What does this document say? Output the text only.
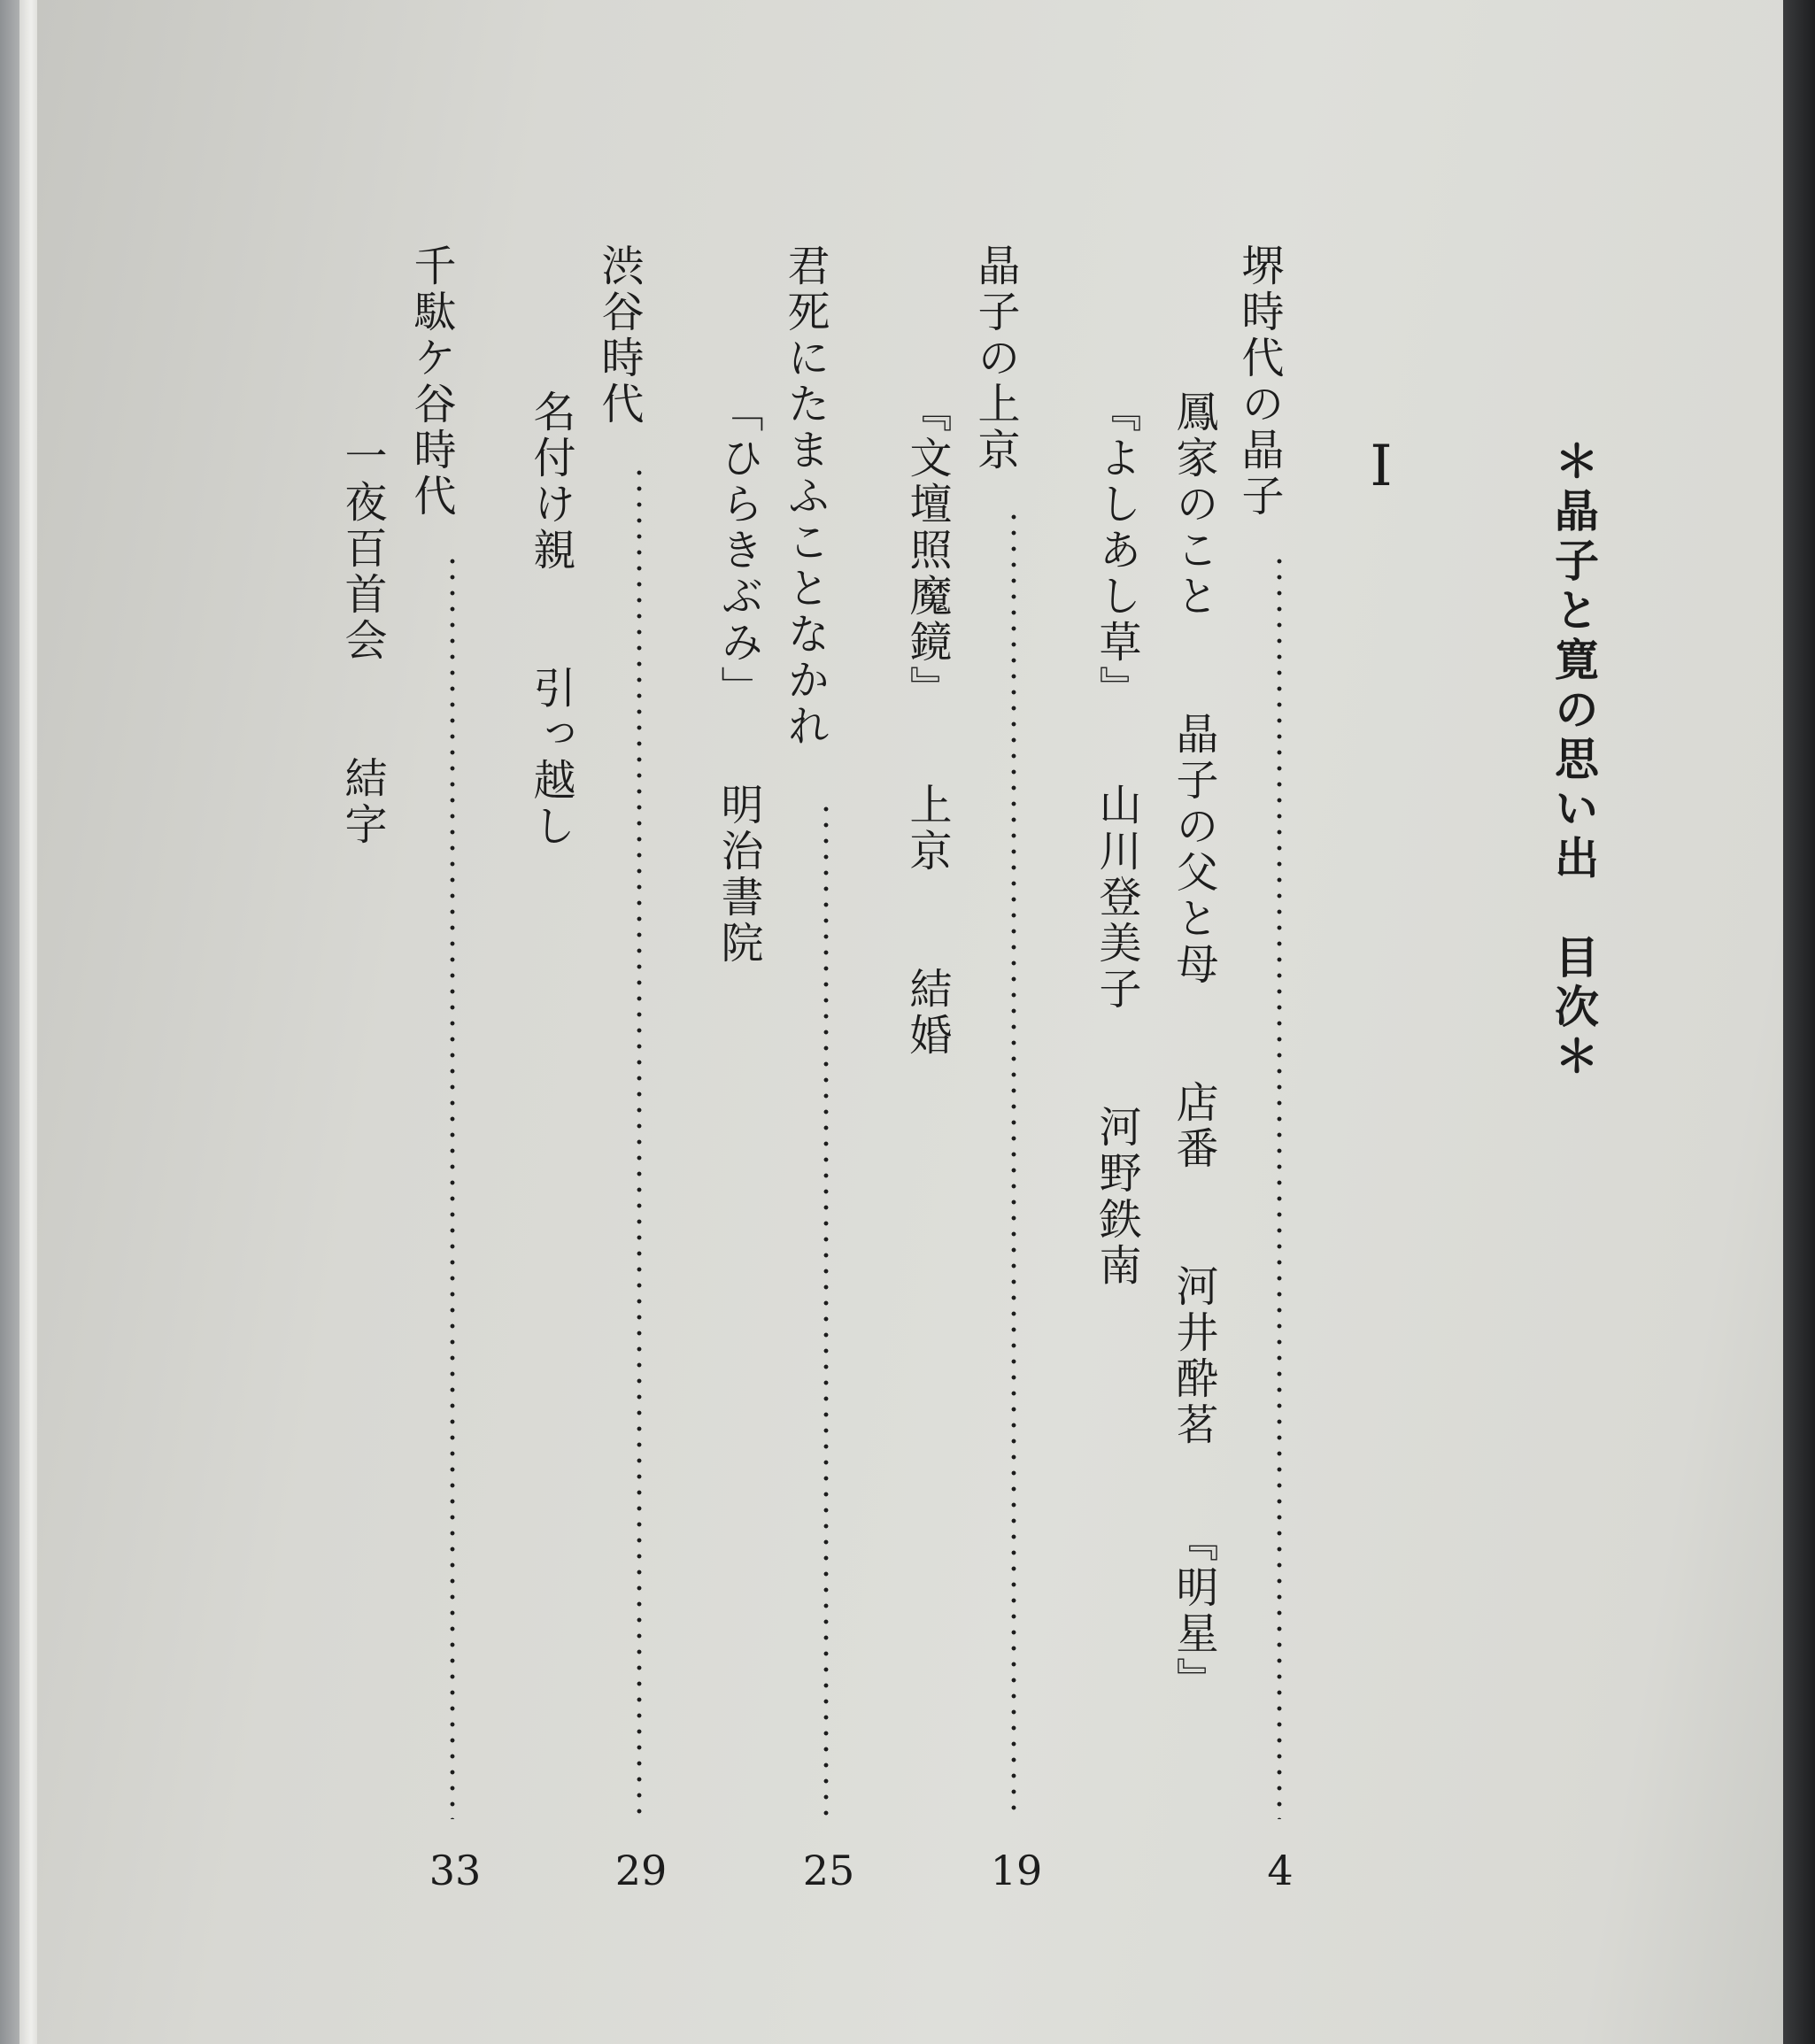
＊晶子と寛の思い出　目次＊
Ⅰ
堺時代の晶子
4
鳳家のこと　　晶子の父と母　　店番　　河井酔茗　　『明星』
『よしあし草』　　山川登美子　　河野鉄南
晶子の上京
19
『文壇照魔鏡』　　上京　　結婚
君死にたまふことなかれ
25
「ひらきぶみ」　　明治書院
渋谷時代
29
名付け親　　引っ越し
千駄ケ谷時代
33
一夜百首会　　結字
